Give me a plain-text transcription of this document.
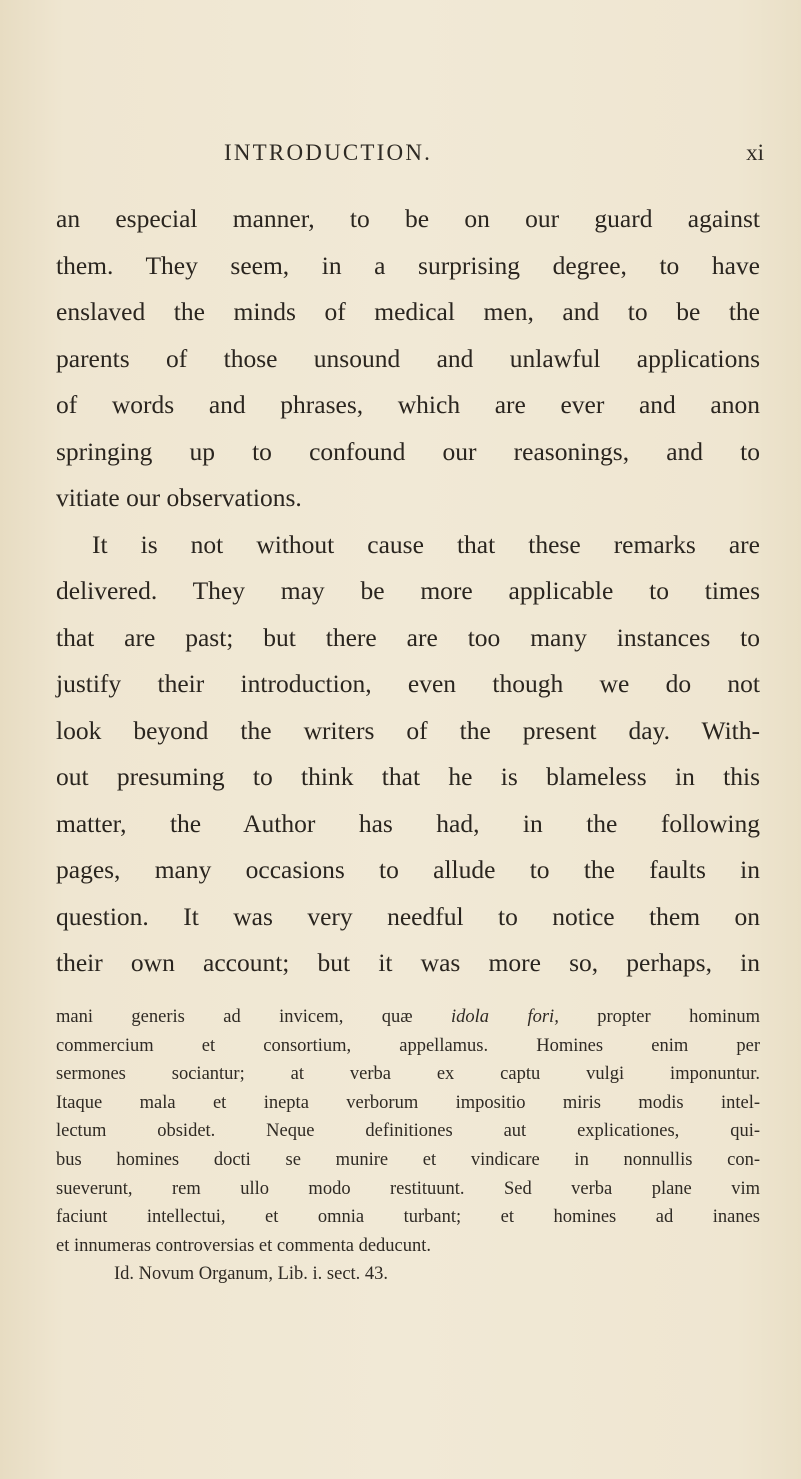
INTRODUCTION.	xi
an especial manner, to be on our guard against
them. They seem, in a surprising degree, to have
enslaved the minds of medical men, and to be the
parents of those unsound and unlawful applications
of words and phrases, which are ever and anon
springing up to confound our reasonings, and to
vitiate our observations.
It is not without cause that these remarks are
delivered. They may be more applicable to times
that are past; but there are too many instances to
justify their introduction, even though we do not
look beyond the writers of the present day. With-
out presuming to think that he is blameless in this
matter, the Author has had, in the following
pages, many occasions to allude to the faults in
question. It was very needful to notice them on
their own account; but it was more so, perhaps, in
mani generis ad invicem, quæ idola fori, propter hominum
commercium et consortium, appellamus. Homines enim per
sermones sociantur; at verba ex captu vulgi imponuntur.
Itaque mala et inepta verborum impositio miris modis intel-
lectum obsidet. Neque definitiones aut explicationes, qui-
bus homines docti se munire et vindicare in nonnullis con-
sueverunt, rem ullo modo restituunt. Sed verba plane vim
faciunt intellectui, et omnia turbant; et homines ad inanes
et innumeras controversias et commenta deducunt.
Id. Novum Organum, Lib. i. sect. 43.
